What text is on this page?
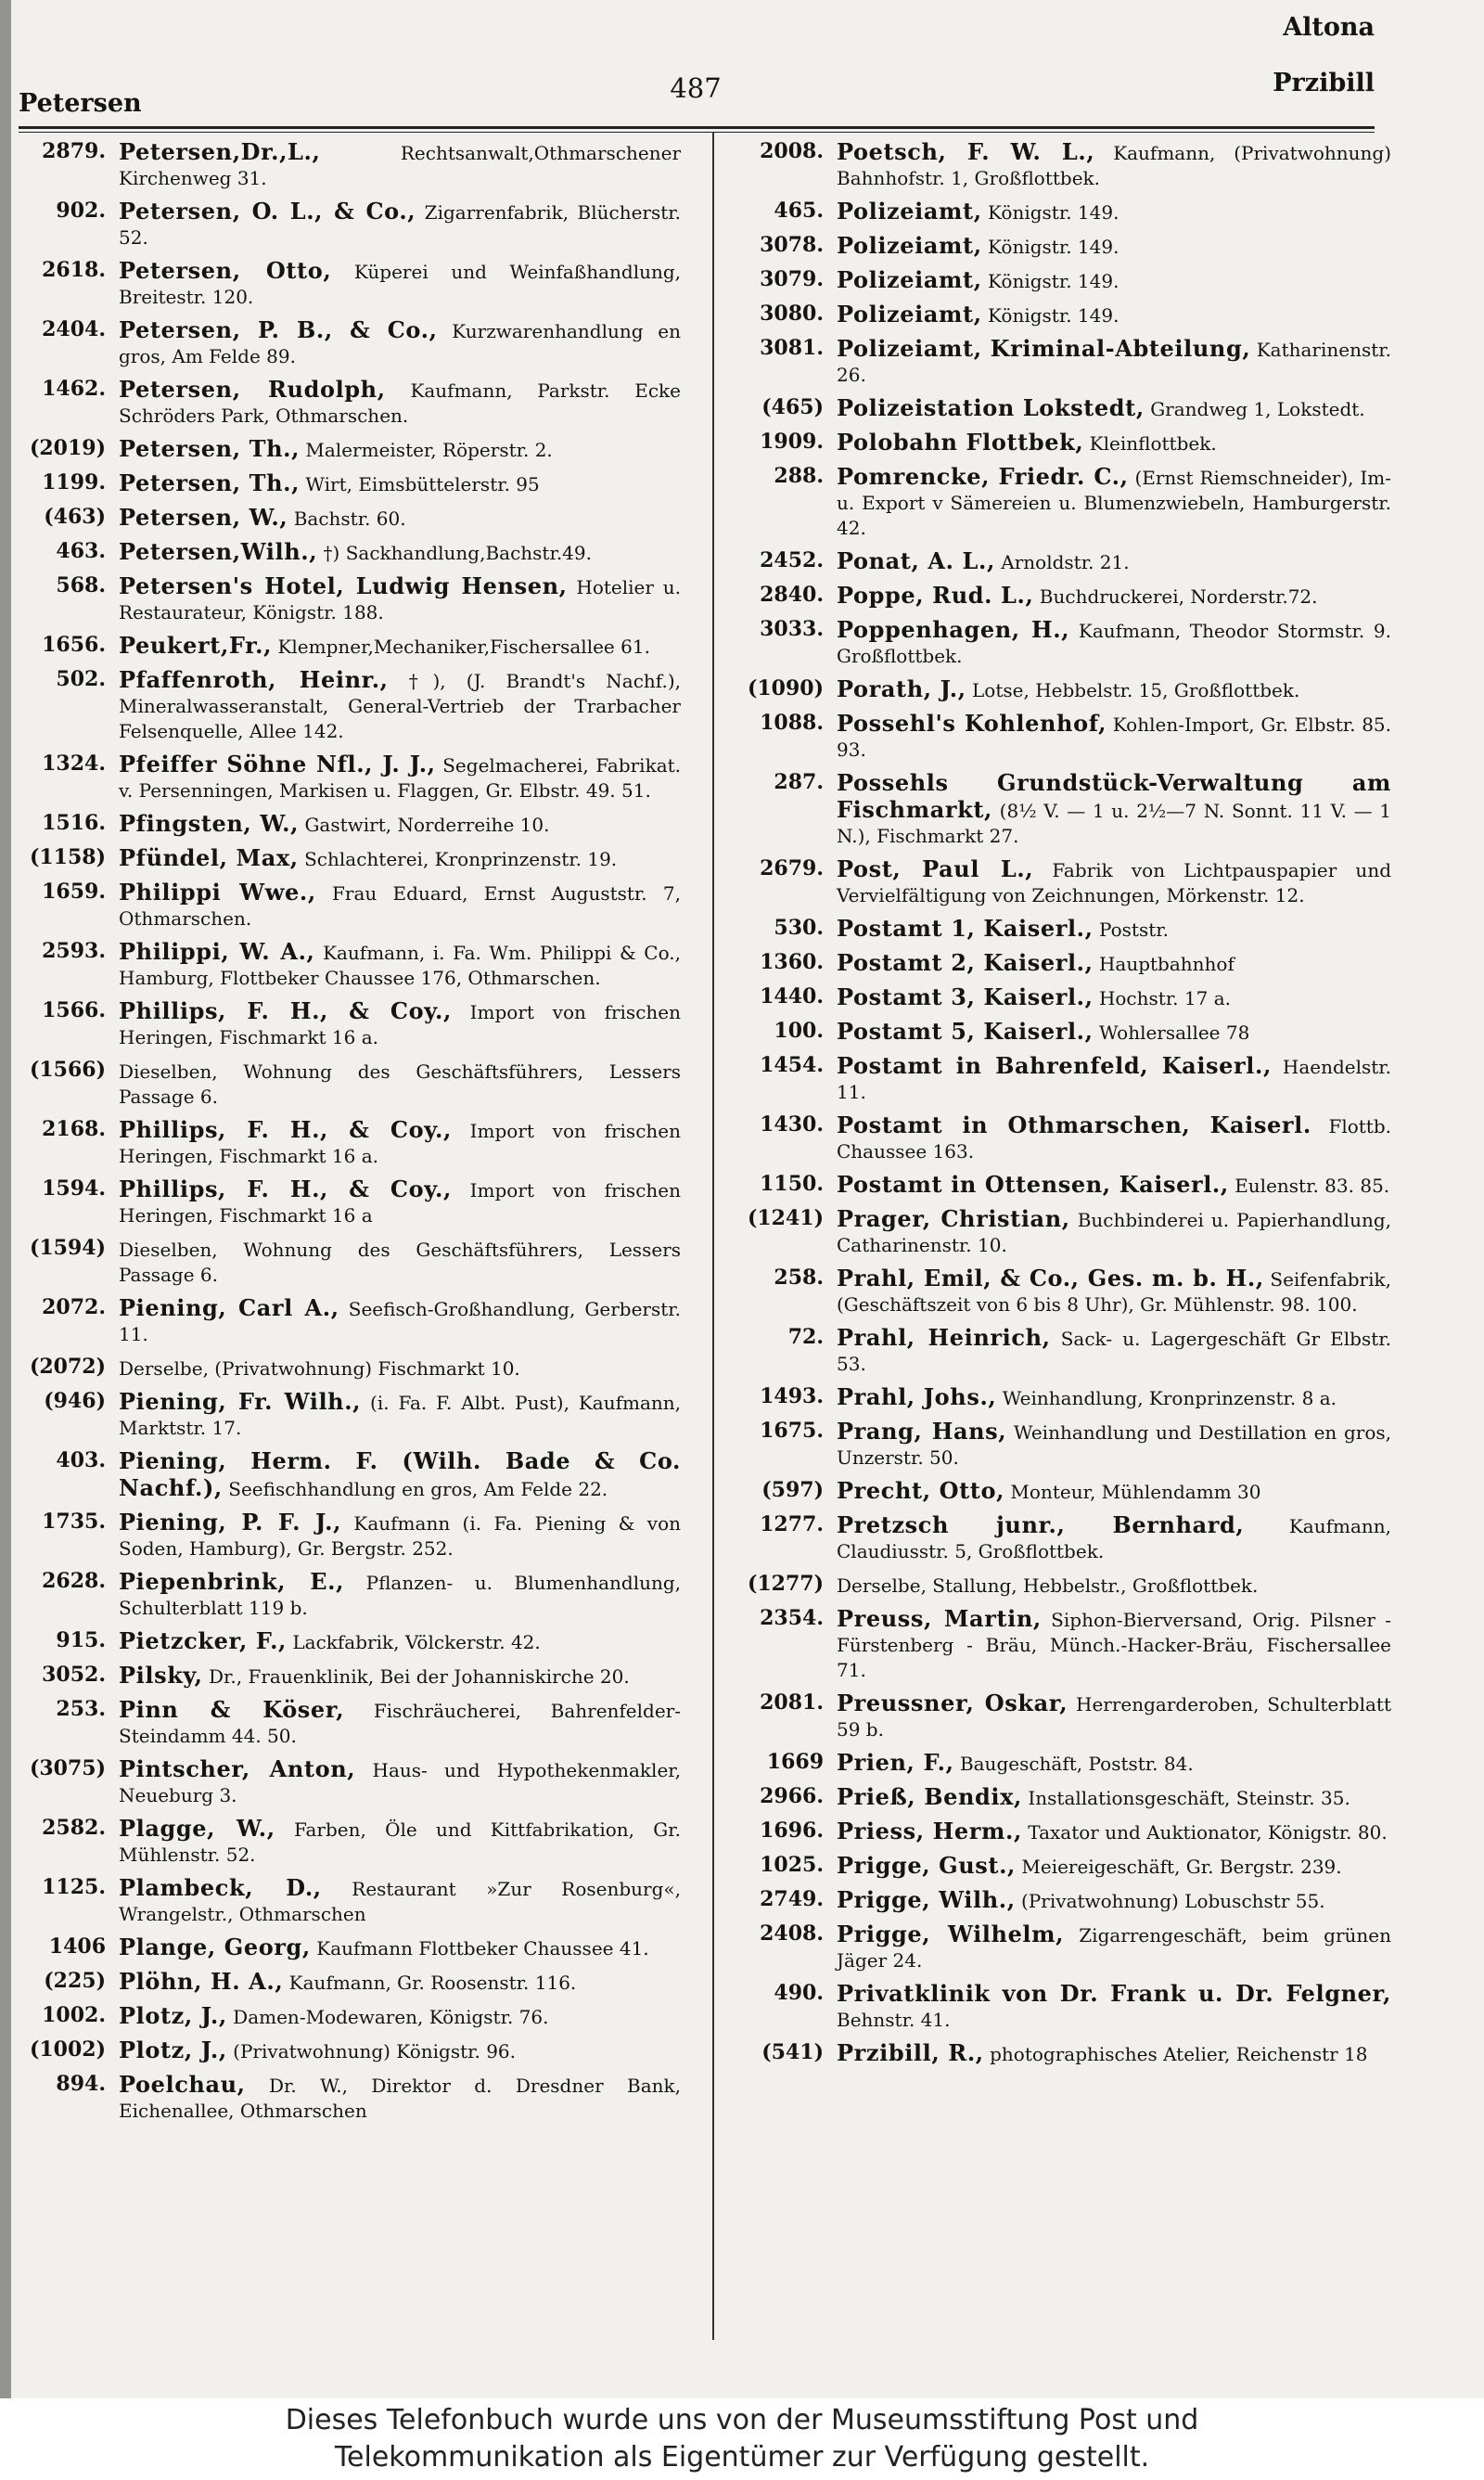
Petersen	487
Altona
Przibill
2879. Petersen,Dr.,L.,	Rechtsanwalt,Othmarschener Kirchenweg 31.
902. Petersen, O. L., & Co., Zigarrenfabrik, Blücherstr. 52.
2618. Petersen, Otto, Küperei und Weinfaßhandlung, Breitestr. 120.
2404. Petersen, P. B., & Co., Kurzwarenhandlung en gros, Am Felde 89.
1462. Petersen, Rudolph, Kaufmann, Parkstr. Ecke Schröders Park, Othmarschen.
(2019) Petersen, Th., Malermeister, Röperstr. 2.
1199. Petersen, Th., Wirt, Eimsbüttelerstr. 95
(463) Petersen, W., Bachstr. 60.
463. Petersen,Wilh., †) Sackhandlung,Bachstr.49.
568. Petersen's Hotel, Ludwig Hensen, Hotelier u. Restaurateur, Königstr. 188.
1656. Peukert,Fr., Klempner,Mechaniker,Fischersallee 61.
502. Pfaffenroth, Heinr., †), (J. Brandt's Nachf.), Mineralwasseranstalt, General-Vertrieb der Trarbacher Felsenquelle, Allee 142.
1324. Pfeiffer Söhne Nfl., J. J., Segelmacherei, Fabrikat. v. Persenningen, Markisen u. Flaggen, Gr. Elbstr. 49. 51.
1516. Pfingsten, W., Gastwirt, Norderreihe 10.
(1158) Pfündel, Max, Schlachterei, Kronprinzenstr. 19.
1659. Philippi Wwe., Frau Eduard, Ernst Auguststr. 7, Othmarschen.
2593. Philippi, W. A., Kaufmann, i. Fa. Wm. Philippi & Co., Hamburg, Flottbeker Chaussee 176, Othmarschen.
1566. Phillips, F. H., & Coy., Import von frischen Heringen, Fischmarkt 16 a.
(1566) Dieselben, Wohnung des Geschäftsführers, Lessers Passage 6.
2168. Phillips, F. H., & Coy., Import von frischen Heringen, Fischmarkt 16 a.
1594. Phillips, F. H., & Coy., Import von frischen Heringen, Fischmarkt 16 a
(1594) Dieselben, Wohnung des Geschäftsführers, Lessers Passage 6.
2072. Piening, Carl A., Seefisch-Großhandlung, Gerberstr. 11.
(2072) Derselbe, (Privatwohnung) Fischmarkt 10.
(946) Piening, Fr. Wilh., (i. Fa. F. Albt. Pust), Kaufmann, Marktstr. 17.
403. Piening, Herm. F. (Wilh. Bade & Co. Nachf.), Seefischhandlung en gros, Am Felde 22.
1735. Piening, P. F. J., Kaufmann (i. Fa. Piening & von Soden, Hamburg), Gr. Bergstr. 252.
2628. Piepenbrink, E., Pflanzen- u. Blumenhandlung, Schulterblatt 119 b.
915. Pietzcker, F., Lackfabrik, Völckerstr. 42.
3052. Pilsky, Dr., Frauenklinik, Bei der Johanniskirche 20.
253. Pinn & Köser, Fischräucherei, Bahrenfelder-Steindamm 44. 50.
(3075) Pintscher, Anton, Haus- und Hypothekenmakler, Neueburg 3.
2582. Plagge, W., Farben, Öle und Kittfabrikation, Gr. Mühlenstr. 52.
1125. Plambeck, D., Restaurant »Zur Rosenburg«, Wrangelstr., Othmarschen
1406 Plange, Georg, Kaufmann Flottbeker Chaussee 41.
(225) Plöhn, H. A., Kaufmann, Gr. Roosenstr. 116.
1002. Plotz, J., Damen-Modewaren, Königstr. 76.
(1002) Plotz, J., (Privatwohnung) Königstr. 96.
894. Poelchau, Dr. W., Direktor d. Dresdner Bank, Eichenallee, Othmarschen
2008. Poetsch, F. W. L., Kaufmann, (Privatwohnung) Bahnhofstr. 1, Großflottbek.
465. Polizeiamt, Königstr. 149.
3078. Polizeiamt, Königstr. 149.
3079. Polizeiamt, Königstr. 149.
3080. Polizeiamt, Königstr. 149.
3081. Polizeiamt, Kriminal-Abteilung, Katharinenstr. 26.
(465) Polizeistation Lokstedt, Grandweg 1, Lokstedt.
1909. Polobahn Flottbek, Kleinflottbek.
288. Pomrencke, Friedr. C., (Ernst Riemschneider), Im- u. Export v Sämereien u. Blumenzwiebeln, Hamburgerstr. 42.
2452. Ponat, A. L., Arnoldstr. 21.
2840. Poppe, Rud. L., Buchdruckerei, Norderstr.72.
3033. Poppenhagen, H., Kaufmann, Theodor Stormstr. 9. Großflottbek.
(1090) Porath, J., Lotse, Hebbelstr. 15, Großflottbek.
1088. Possehl's Kohlenhof, Kohlen-Import, Gr. Elbstr. 85. 93.
287. Possehls Grundstück-Verwaltung am Fischmarkt, (8½ V. — 1 u. 2½—7 N. Sonnt. 11 V. — 1 N.), Fischmarkt 27.
2679. Post, Paul L., Fabrik von Lichtpauspapier und Vervielfältigung von Zeichnungen, Mörkenstr. 12.
530. Postamt 1, Kaiserl., Poststr.
1360. Postamt 2, Kaiserl., Hauptbahnhof
1440. Postamt 3, Kaiserl., Hochstr. 17 a.
100. Postamt 5, Kaiserl., Wohlersallee 78
1454. Postamt in Bahrenfeld, Kaiserl., Haendelstr. 11.
1430. Postamt in Othmarschen, Kaiserl. Flottb. Chaussee 163.
1150. Postamt in Ottensen, Kaiserl., Eulenstr. 83. 85.
(1241) Prager, Christian, Buchbinderei u. Papierhandlung, Catharinenstr. 10.
258. Prahl, Emil, & Co., Ges. m. b. H., Seifenfabrik, (Geschäftszeit von 6 bis 8 Uhr), Gr. Mühlenstr. 98. 100.
72. Prahl, Heinrich, Sack- u. Lagergeschäft Gr Elbstr. 53.
1493. Prahl, Johs., Weinhandlung, Kronprinzenstr. 8 a.
1675. Prang, Hans, Weinhandlung und Destillation en gros, Unzerstr. 50.
(597) Precht, Otto, Monteur, Mühlendamm 30
1277. Pretzsch junr., Bernhard, Kaufmann, Claudiusstr. 5, Großflottbek.
(1277) Derselbe, Stallung, Hebbelstr., Großflottbek.
2354. Preuss, Martin, Siphon-Bierversand, Orig. Pilsner - Fürstenberg - Bräu, Münch.-Hacker-Bräu, Fischersallee 71.
2081. Preussner, Oskar, Herrengarderoben, Schulterblatt 59 b.
1669 Prien, F., Baugeschäft, Poststr. 84.
2966. Prieß, Bendix, Installationsgeschäft, Steinstr. 35.
1696. Priess, Herm., Taxator und Auktionator, Königstr. 80.
1025. Prigge, Gust., Meiereigeschäft, Gr. Bergstr. 239.
2749. Prigge, Wilh., (Privatwohnung) Lobuschstr 55.
2408. Prigge, Wilhelm, Zigarrengeschäft, beim grünen Jäger 24.
490. Privatklinik von Dr. Frank u. Dr. Felgner, Behnstr. 41.
(541) Przibill, R., photographisches Atelier, Reichenstr 18
Dieses Telefonbuch wurde uns von der Museumsstiftung Post und
Telekommunikation als Eigentümer zur Verfügung gestellt.
